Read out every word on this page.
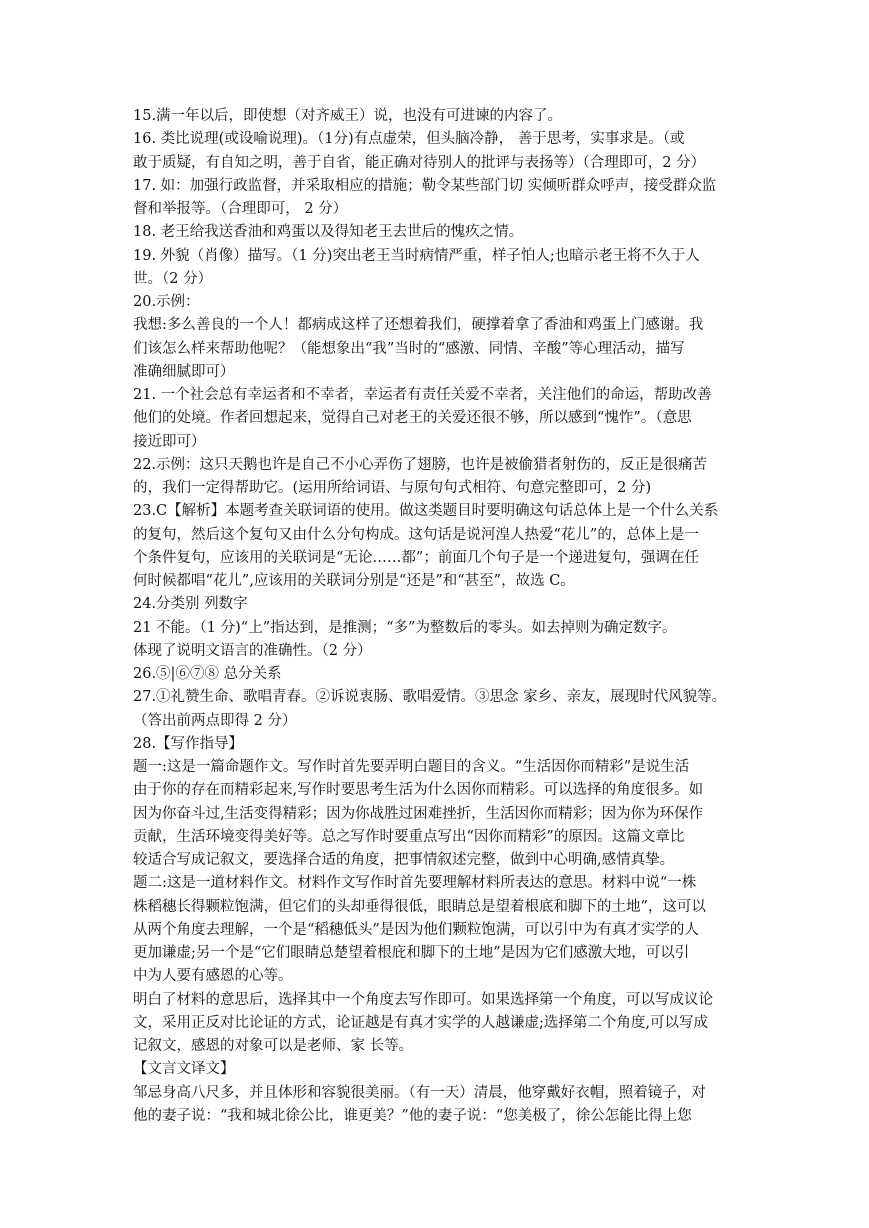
15.满一年以后，即使想（对齐威王）说，也没有可进谏的内容了。
16. 类比说理(或设喻说理)。（1分)有点虚荣，但头脑冷静， 善于思考，实事求是。（或
敢于质疑，有自知之明，善于自省，能正确对待别人的批评与表扬等）（合理即可，2 分）
17. 如：加强行政监督，并采取相应的措施；勒令某些部门切 实倾听群众呼声，接受群众监
督和举报等。（合理即可， 2 分）
18. 老王给我送香油和鸡蛋以及得知老王去世后的愧疚之情。
19. 外貌（肖像）描写。（1 分)突出老王当时病情严重，样子怕人;也暗示老王将不久于人
世。（2 分）
20.示例：
我想:多么善良的一个人！都病成这样了还想着我们，硬撑着拿了香油和鸡蛋上门感谢。我
们该怎么样来帮助他呢？（能想象出“我”当时的“感激、同情、辛酸”等心理活动，描写
准确细腻即可）
21. 一个社会总有幸运者和不幸者，幸运者有责任关爱不幸者，关注他们的命运，帮助改善
他们的处境。作者回想起来，觉得自己对老王的关爱还很不够，所以感到“愧怍”。（意思
接近即可）
22.示例：这只天鹅也许是自己不小心弄伤了翅膀，也许是被偷猎者射伤的，反正是很痛苦
的，我们一定得帮助它。(运用所给词语、与原句句式相符、句意完整即可，2 分)
23.C【解析】本题考查关联词语的使用。做这类题目时要明确这句话总体上是一个什么关系
的复句，然后这个复句又由什么分句构成。这句话是说河湟人热爱“花儿”的，总体上是一
个条件复句，应该用的关联词是“无论……都”；前面几个句子是一个递进复句，强调在任
何时候都唱“花儿”,应该用的关联词分别是“还是”和“甚至”，故选 C。
24.分类别 列数字
21 不能。（1 分)“上”指达到，是推测；“多”为整数后的零头。如去掉则为确定数字。
体现了说明文语言的准确性。（2 分）
26.⑤|⑥⑦⑧ 总分关系
27.①礼赞生命、歌唱青春。②诉说衷肠、歌唱爱情。③思念 家乡、亲友，展现时代风貌等。
（答出前两点即得 2 分）
28.【写作指导】
题一:这是一篇命题作文。写作时首先要弄明白题目的含义。“生活因你而精彩”是说生活
由于你的存在而精彩起来,写作时要思考生活为什么因你而精彩。可以选择的角度很多。如
因为你奋斗过,生活变得精彩；因为你战胜过困难挫折，生活因你而精彩；因为你为环保作
贡献，生活环境变得美好等。总之写作时要重点写出“因你而精彩”的原因。这篇文章比
较适合写成记叙文，要选择合适的角度，把事情叙述完整，做到中心明确,感情真挚。
题二:这是一道材料作文。材料作文写作时首先要理解材料所表达的意思。材料中说“一株
株稻穗长得颗粒饱满，但它们的头却垂得很低，眼睛总是望着根底和脚下的土地”，这可以
从两个角度去理解，一个是“稻穗低头”是因为他们颗粒饱满，可以引中为有真才实学的人
更加谦虚;另一个是“它们眼睛总楚望着根庇和脚下的土地”是因为它们感激大地，可以引
中为人要有感恩的心等。
明白了材料的意思后，选择其中一个角度去写作即可。如果选择第一个角度，可以写成议论
文，采用正反对比论证的方式，论证越是有真才实学的人越谦虚;选择第二个角度,可以写成
记叙文，感恩的对象可以是老师、家 长等。
【文言文译文】
邹忌身高八尺多，并且体形和容貌很美丽。（有一天）清晨，他穿戴好衣帽，照着镜子，对
他的妻子说：“我和城北徐公比，谁更美？”他的妻子说：“您美极了，徐公怎能比得上您
